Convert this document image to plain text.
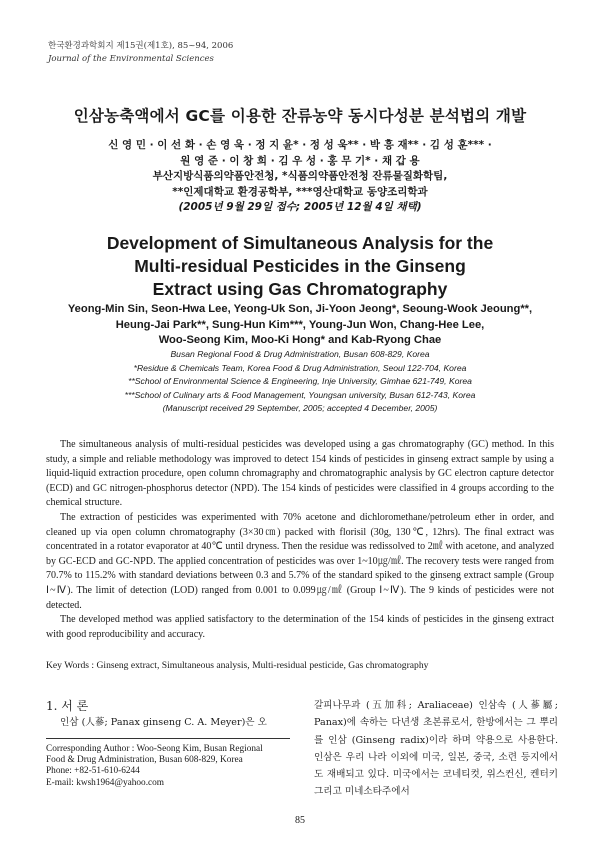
한국환경과학회지 제15권(제1호), 85~94, 2006
Journal of the Environmental Sciences
인삼농축액에서 GC를 이용한 잔류농약 동시다성분 분석법의 개발
신 영 민 · 이 선 화 · 손 영 욱 · 정 지 윤* · 정 성 욱** · 박 흥 재** · 김 성 훈*** ·
원 영 준 · 이 창 희 · 김 우 성 · 홍 무 기* · 채 갑 용
부산지방식품의약품안전청, *식품의약품안전청 잔류물질화학팀,
**인제대학교 환경공학부, ***영산대학교 동양조리학과
(2005년 9월 29일 접수; 2005년 12월 4일 채택)
Development of Simultaneous Analysis for the
Multi-residual Pesticides in the Ginseng
Extract using Gas Chromatography
Yeong-Min Sin, Seon-Hwa Lee, Yeong-Uk Son, Ji-Yoon Jeong*, Seoung-Wook Jeoung**,
Heung-Jai Park**, Sung-Hun Kim***, Young-Jun Won, Chang-Hee Lee,
Woo-Seong Kim, Moo-Ki Hong* and Kab-Ryong Chae
Busan Regional Food & Drug Administration, Busan 608-829, Korea
*Residue & Chemicals Team, Korea Food & Drug Administration, Seoul 122-704, Korea
**School of Environmental Science & Engineering, Inje University, Gimhae 621-749, Korea
***School of Culinary arts & Food Management, Youngsan university, Busan 612-743, Korea
(Manuscript received 29 September, 2005; accepted 4 December, 2005)

The simultaneous analysis of multi-residual pesticides was developed using a gas chromatography (GC) method. In this study, a simple and reliable methodology was improved to detect 154 kinds of pesticides in ginseng extract sample by using a liquid-liquid extraction procedure, open column chromagraphy and chromatographic analysis by GC electron capture detector (ECD) and GC nitrogen-phosphorus detector (NPD). The 154 kinds of pesticides were classified in 4 groups according to the chemical structure.

The extraction of pesticides was experimented with 70% acetone and dichloromethane/petroleum ether in order, and cleaned up via open column chromatography (3×30㎝) packed with florisil (30g, 130℃, 12hrs). The final extract was concentrated in a rotator evaporator at 40℃ until dryness. Then the residue was redissolved to 2㎖ with acetone, and analyzed by GC-ECD and GC-NPD. The applied concentration of pesticides was over 1~10㎍/㎖. The recovery tests were ranged from 70.7% to 115.2% with standard deviations between 0.3 and 5.7% of the standard spiked to the ginseng extract sample (Group Ⅰ~Ⅳ). The limit of detection (LOD) ranged from 0.001 to 0.099㎍/㎖ (Group Ⅰ~Ⅳ). The 9 kinds of pesticides were not detected.

The developed method was applied satisfactory to the determination of the 154 kinds of pesticides in the ginseng extract with good reproducibility and accuracy.

Key Words : Ginseng extract, Simultaneous analysis, Multi-residual pesticide, Gas chromatography
1. 서 론
인삼 (人蔘; Panax ginseng C. A. Meyer)은 오
Corresponding Author : Woo-Seong Kim, Busan Regional
Food & Drug Administration, Busan 608-829, Korea
Phone: +82-51-610-6244
E-mail: kwsh1964@yahoo.com
갈피나무과 (五加科; Araliaceae) 인삼속 (人蔘屬; Panax)에 속하는 다년생 초본류로서, 한방에서는 그 뿌리를 인삼 (Ginseng radix)이라 하며 약용으로 사용한다. 인삼은 우리 나라 이외에 미국, 일본, 중국, 소련 등지에서도 재배되고 있다. 미국에서는 코네티컷, 위스컨신, 켄터키 그리고 미네소타주에서
85
